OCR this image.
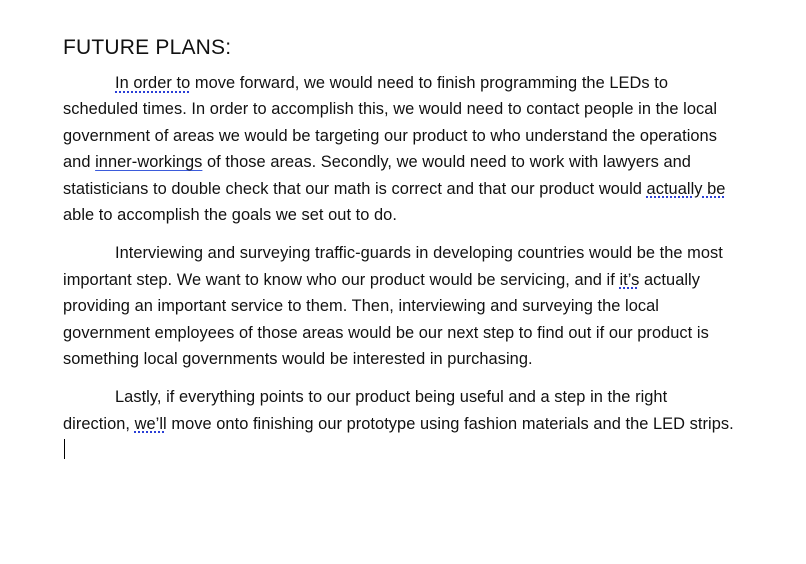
FUTURE PLANS:

In order to move forward, we would need to finish programming the LEDs to scheduled times. In order to accomplish this, we would need to contact people in the local government of areas we would be targeting our product to who understand the operations and inner-workings of those areas. Secondly, we would need to work with lawyers and statisticians to double check that our math is correct and that our product would actually be able to accomplish the goals we set out to do.

Interviewing and surveying traffic-guards in developing countries would be the most important step. We want to know who our product would be servicing, and if it’s actually providing an important service to them. Then, interviewing and surveying the local government employees of those areas would be our next step to find out if our product is something local governments would be interested in purchasing.

Lastly, if everything points to our product being useful and a step in the right direction, we’ll move onto finishing our prototype using fashion materials and the LED strips.
